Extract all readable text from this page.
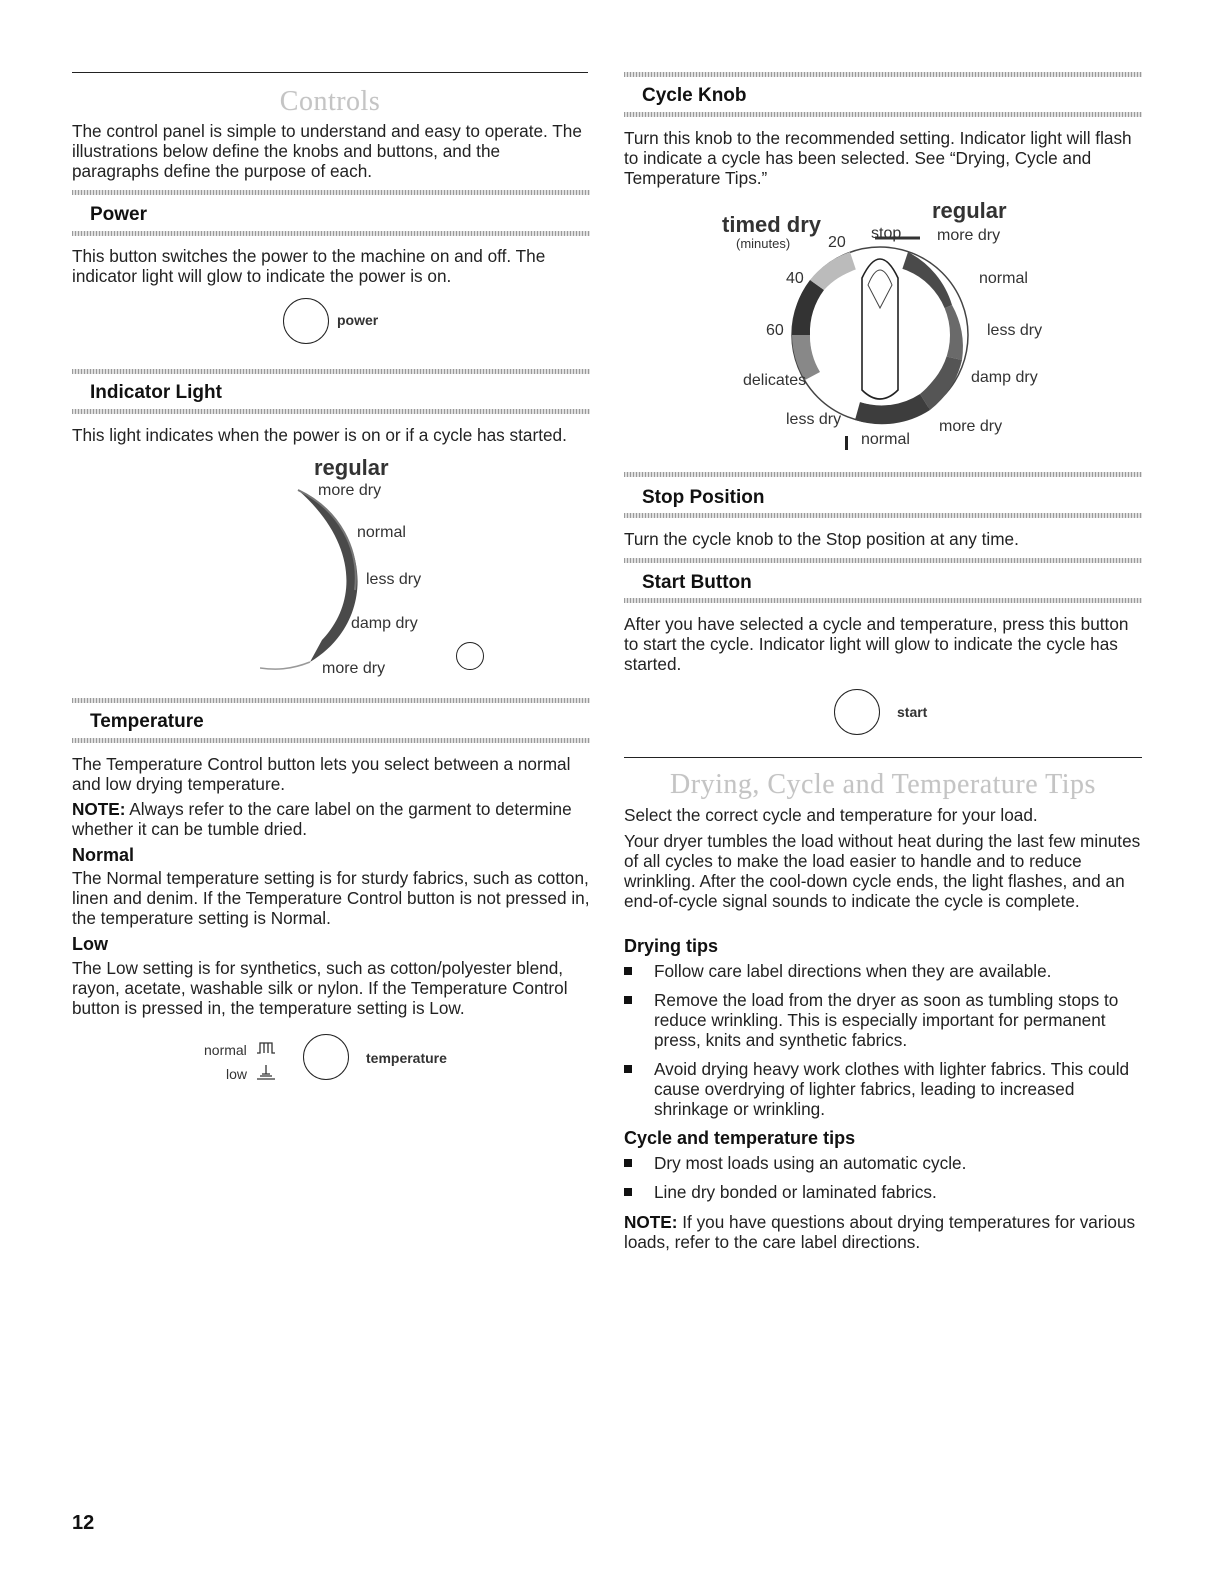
Controls
The control panel is simple to understand and easy to operate. The illustrations below define the knobs and buttons, and the paragraphs define the purpose of each.
Power
This button switches the power to the machine on and off. The indicator light will glow to indicate the power is on.
power
Indicator Light
This light indicates when the power is on or if a cycle has started.
regular
more dry
normal
less dry
damp dry
more dry
Temperature
The Temperature Control button lets you select between a normal and low drying temperature.
NOTE: Always refer to the care label on the garment to determine whether it can be tumble dried.
Normal
The Normal temperature setting is for sturdy fabrics, such as cotton, linen and denim. If the Temperature Control button is not pressed in, the temperature setting is Normal.
Low
The Low setting is for synthetics, such as cotton/polyester blend, rayon, acetate, washable silk or nylon. If the Temperature Control button is pressed in, the temperature setting is Low.
normal
low
temperature
12
Cycle Knob
Turn this knob to the recommended setting. Indicator light will flash to indicate a cycle has been selected. See “Drying, Cycle and Temperature Tips.”
timed dry
(minutes) 20
stop
regular
more dry
40	normal
60	less dry
delicates	damp dry
less dry	more dry
normal
Stop Position
Turn the cycle knob to the Stop position at any time.
Start Button
After you have selected a cycle and temperature, press this button to start the cycle. Indicator light will glow to indicate the cycle has started.
start
Drying, Cycle and Temperature Tips
Select the correct cycle and temperature for your load.
Your dryer tumbles the load without heat during the last few minutes of all cycles to make the load easier to handle and to reduce wrinkling. After the cool-down cycle ends, the light flashes, and an end-of-cycle signal sounds to indicate the cycle is complete.
Drying tips
Follow care label directions when they are available.
Remove the load from the dryer as soon as tumbling stops to reduce wrinkling. This is especially important for permanent press, knits and synthetic fabrics.
Avoid drying heavy work clothes with lighter fabrics. This could cause overdrying of lighter fabrics, leading to increased shrinkage or wrinkling.
Cycle and temperature tips
Dry most loads using an automatic cycle.
Line dry bonded or laminated fabrics.
NOTE: If you have questions about drying temperatures for various loads, refer to the care label directions.
